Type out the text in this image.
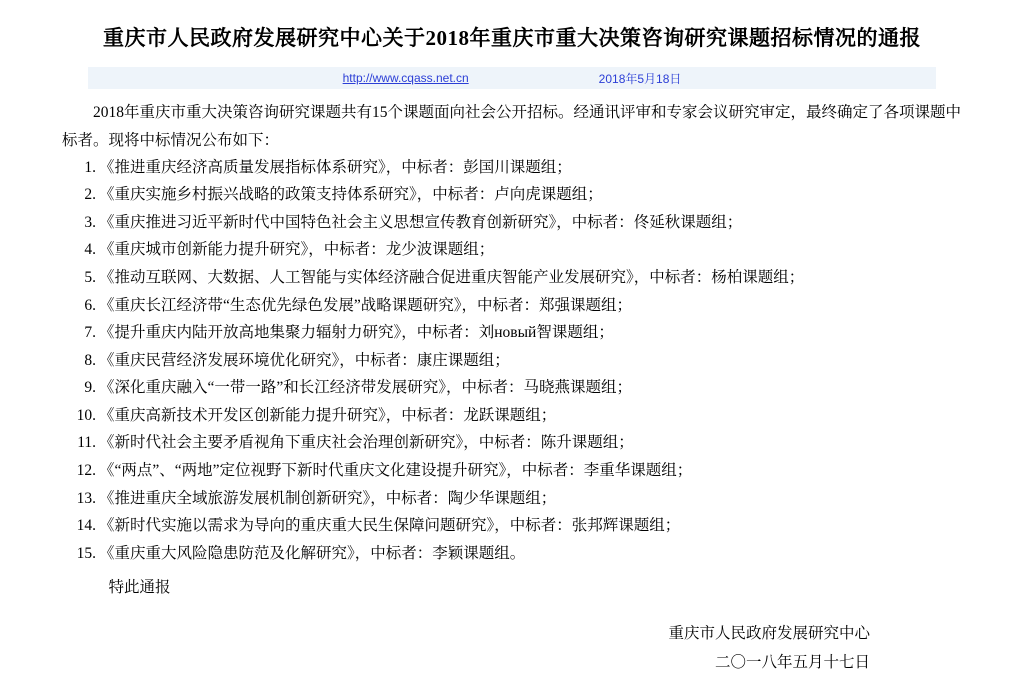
重庆市人民政府发展研究中心关于2018年重庆市重大决策咨询研究课题招标情况的通报
http://www.cqass.net.cn	2018年5月18日

2018年重庆市重大决策咨询研究课题共有15个课题面向社会公开招标。经通讯评审和专家会议研究审定，最终确定了各项课题中标者。现将中标情况公布如下：

1. 《推进重庆经济高质量发展指标体系研究》，中标者：彭国川课题组；
2. 《重庆实施乡村振兴战略的政策支持体系研究》，中标者：卢向虎课题组；
3. 《重庆推进习近平新时代中国特色社会主义思想宣传教育创新研究》，中标者：佟延秋课题组；
4. 《重庆城市创新能力提升研究》，中标者：龙少波课题组；
5. 《推动互联网、大数据、人工智能与实体经济融合促进重庆智能产业发展研究》，中标者：杨柏课题组；
6. 《重庆长江经济带“生态优先绿色发展”战略课题研究》，中标者：郑强课题组；
7. 《提升重庆内陆开放高地集聚力辐射力研究》，中标者：刘новый智课题组；
8. 《重庆民营经济发展环境优化研究》，中标者：康庄课题组；
9. 《深化重庆融入“一带一路”和长江经济带发展研究》，中标者：马晓燕课题组；
10. 《重庆高新技术开发区创新能力提升研究》，中标者：龙跃课题组；
11. 《新时代社会主要矛盾视角下重庆社会治理创新研究》，中标者：陈升课题组；
12. 《“两点”、“两地”定位视野下新时代重庆文化建设提升研究》，中标者：李重华课题组；
13. 《推进重庆全域旅游发展机制创新研究》，中标者：陶少华课题组；
14. 《新时代实施以需求为导向的重庆重大民生保障问题研究》，中标者：张邦辉课题组；
15. 《重庆重大风险隐患防范及化解研究》，中标者：李颖课题组。
特此通报
重庆市人民政府发展研究中心
二〇一八年五月十七日
